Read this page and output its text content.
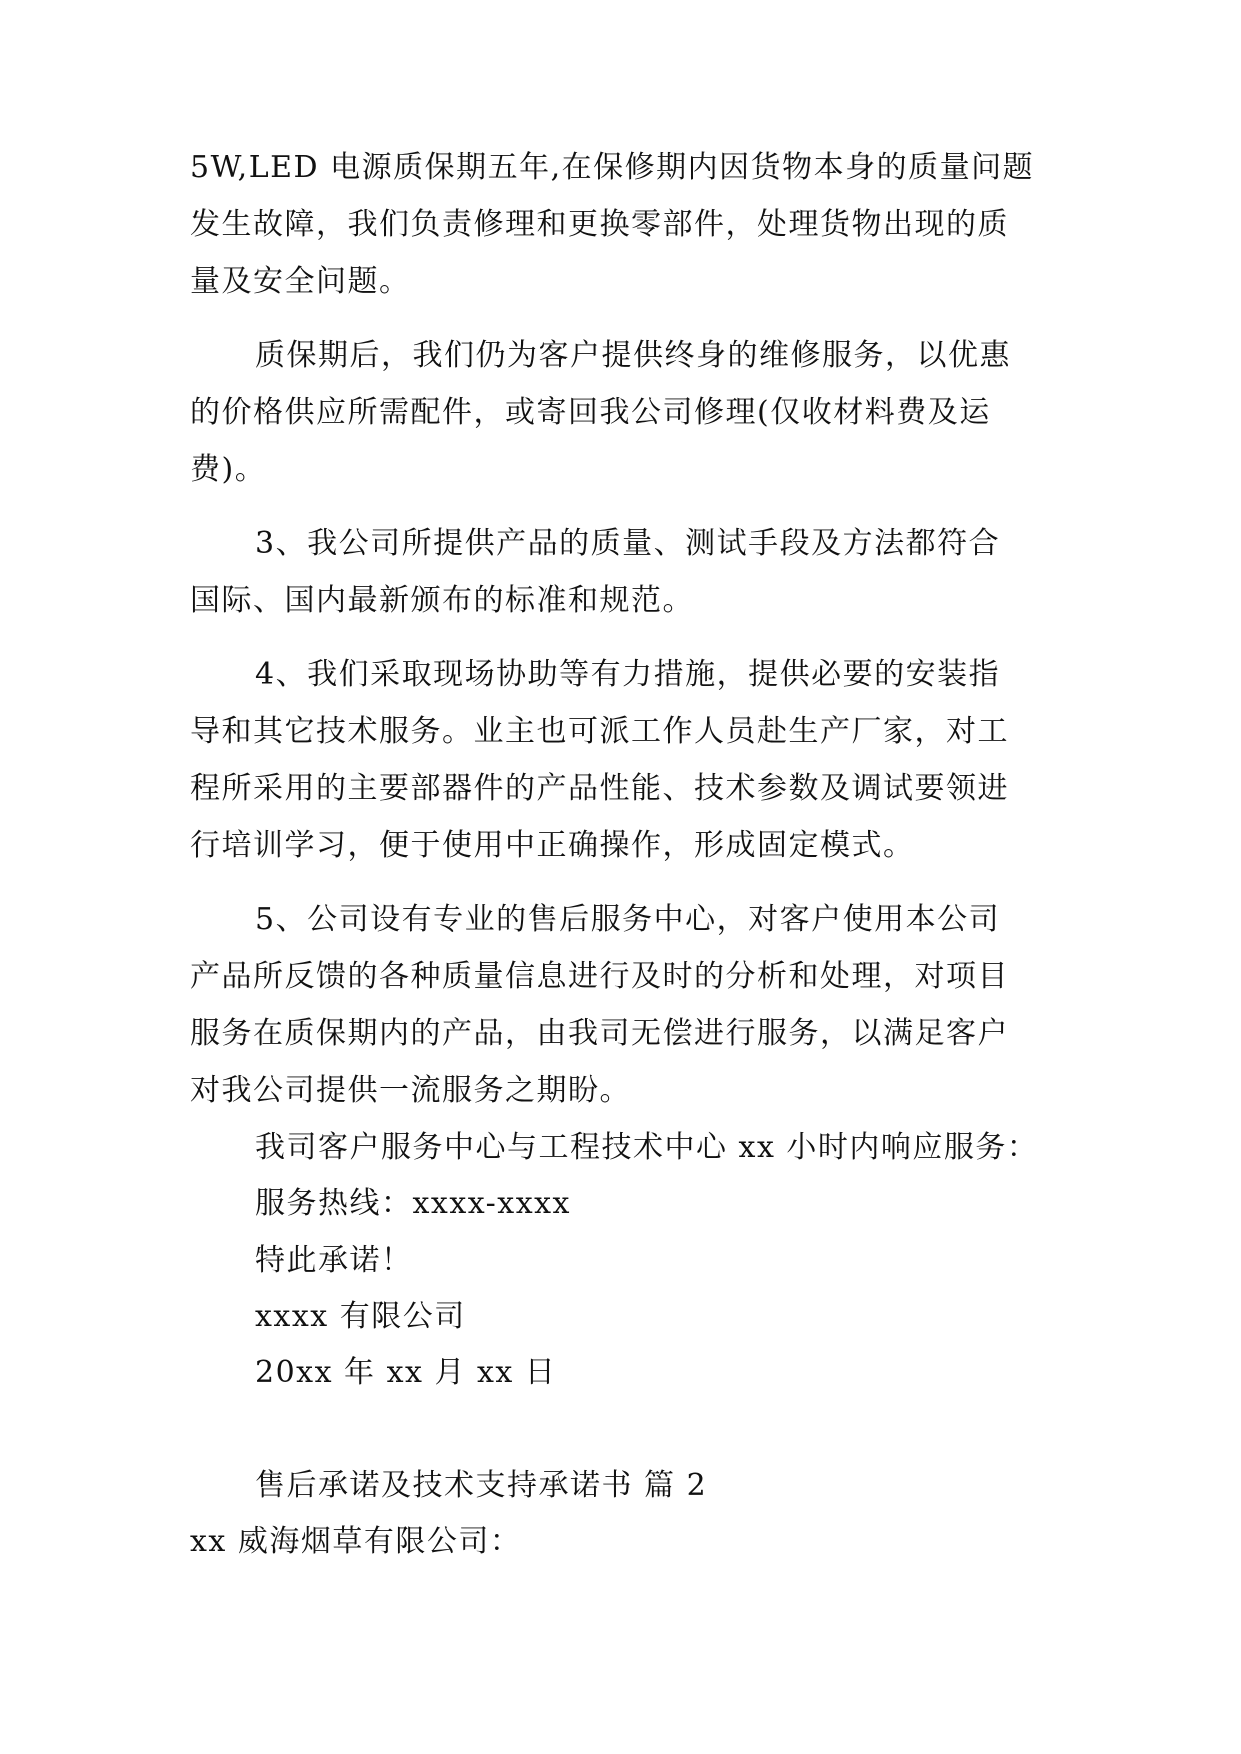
5W,LED 电源质保期五年,在保修期内因货物本身的质量问题
发生故障，我们负责修理和更换零部件，处理货物出现的质
量及安全问题。
质保期后，我们仍为客户提供终身的维修服务，以优惠
的价格供应所需配件，或寄回我公司修理(仅收材料费及运
费)。
3、我公司所提供产品的质量、测试手段及方法都符合
国际、国内最新颁布的标准和规范。
4、我们采取现场协助等有力措施，提供必要的安装指
导和其它技术服务。业主也可派工作人员赴生产厂家，对工
程所采用的主要部器件的产品性能、技术参数及调试要领进
行培训学习，便于使用中正确操作，形成固定模式。
5、公司设有专业的售后服务中心，对客户使用本公司
产品所反馈的各种质量信息进行及时的分析和处理，对项目
服务在质保期内的产品，由我司无偿进行服务，以满足客户
对我公司提供一流服务之期盼。
我司客户服务中心与工程技术中心 xx 小时内响应服务：
服务热线：xxxx-xxxx
特此承诺！
xxxx 有限公司
20xx 年 xx 月 xx 日
售后承诺及技术支持承诺书 篇 2
xx 威海烟草有限公司：
